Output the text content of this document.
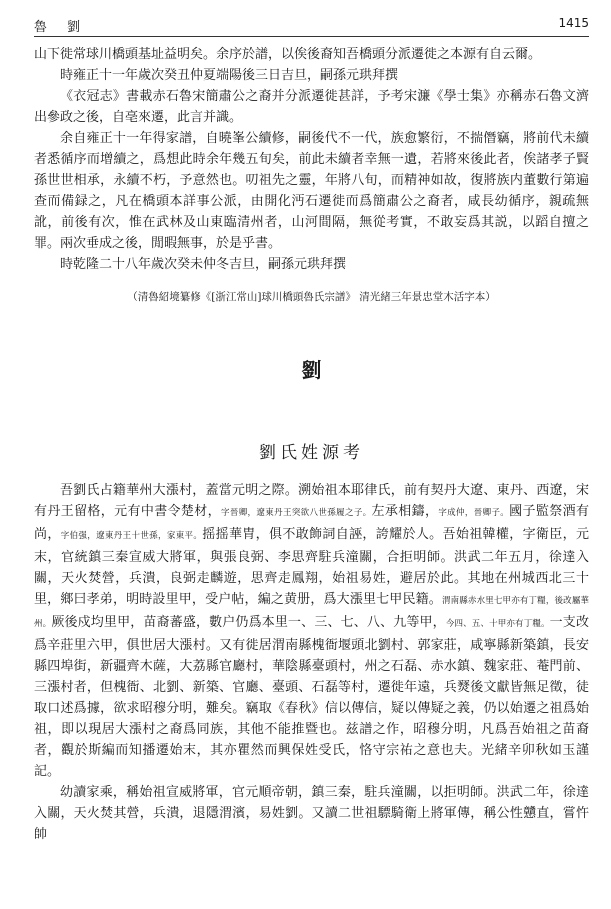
魯 劉	1415

山下徙常球川橋頭基址益明矣。余序於譜，以俟後裔知吾橋頭分派遷徙之本源有自云爾。

時雍正十一年歲次癸丑仲夏端陽後三日吉旦，嗣孫元珙拜撰

《衣冠志》書載赤石魯宋簡肅公之裔并分派遷徙甚詳，予考宋濂《學士集》亦稱赤石魯文濟出參政之後，自亳來遷，此言并識。

余自雍正十一年得家譜，自曉峯公續修，嗣後代不一代，族愈繁衍，不揣僭竊，將前代未續者悉循序而增續之，爲想此時余年幾五旬矣，前此未續者幸無一遺，若將來後此者，俟諸孝子賢孫世世相承，永續不朽，予意然也。叨祖先之靈，年將八旬，而精神如故，復將族内董數行第遍查而備録之，凡在橋頭本詳事公派，由開化沔石遷徙而爲簡肅公之裔者，咸長幼循序，親疏無訛，前後有次，惟在武林及山東臨清州者，山河間隔，無從考實，不敢妄爲其説，以蹈自擅之罪。兩次垂成之後，閒暇無事，於是乎書。

時乾隆二十八年歲次癸未仲冬吉旦，嗣孫元珙拜撰

（清魯紹境纂修《[浙江常山]球川橋頭魯氏宗譜》 清光緒三年景忠堂木活字本）

劉

劉氏姓源考

吾劉氏占籍華州大漲村，蓋當元明之際。溯始祖本耶律氏，前有契丹大遼、東丹、西遼，宋有丹王留格，元有中書令楚材，字晉卿，遼東丹王突欲八世孫履之子。左承相鑄，字成仲，晉卿子。國子監祭酒有尚，字伯强，遼東丹王十世孫，家東平。摇摇華胄，俱不敢飾詞自誣，誇耀於人。吾始祖韓權，字衛臣，元末，官統鎮三秦宣威大將軍，與張良弼、李思齊駐兵潼關，合拒明師。洪武二年五月，徐達入關，天火焚營，兵潰，良弼走麟遊，思齊走鳳翔，始祖易姓，避居於此。其地在州城西北三十里，鄉曰孝弟，明時設里甲，受户帖，編之黄册，爲大漲里七甲民籍。渭南縣赤水里七甲亦有丁糧，後改屬華州。厥後戍均里甲，苗裔蕃盛，數户仍爲本里一、三、七、八、九等甲，今四、五、十甲亦有丁糧。一支改爲辛莊里六甲，俱世居大漲村。又有徙居渭南縣槐衙堰頭北劉村、郭家莊，咸寧縣新築鎮，長安縣四埠街，新疆齊木薩，大荔縣官廳村，華陰縣臺頭村，州之石磊、赤水鎮、魏家莊、菴門前、三漲村者，但槐衙、北劉、新築、官廳、臺頭、石磊等村，遷徙年遠，兵燹後文獻皆無足徵，徒取口述爲據，欲求昭穆分明，難矣。竊取《春秋》信以傳信，疑以傳疑之義，仍以始遷之祖爲始祖，即以現居大漲村之裔爲同族，其他不能推暨也。兹譜之作，昭穆分明，凡爲吾始祖之苗裔者，觀於斯編而知播遷始末，其亦瞿然而興保姓受氏，恪守宗祐之意也夫。光緒辛卯秋如玉謹記。

幼讀家乘，稱始祖宣威將軍，官元順帝朝，鎮三秦，駐兵潼關，以拒明師。洪武二年，徐達入關，天火焚其營，兵潰，退隱渭濱，易姓劉。又讀二世祖驃騎衛上將軍傳，稱公性戇直，嘗忤帥
